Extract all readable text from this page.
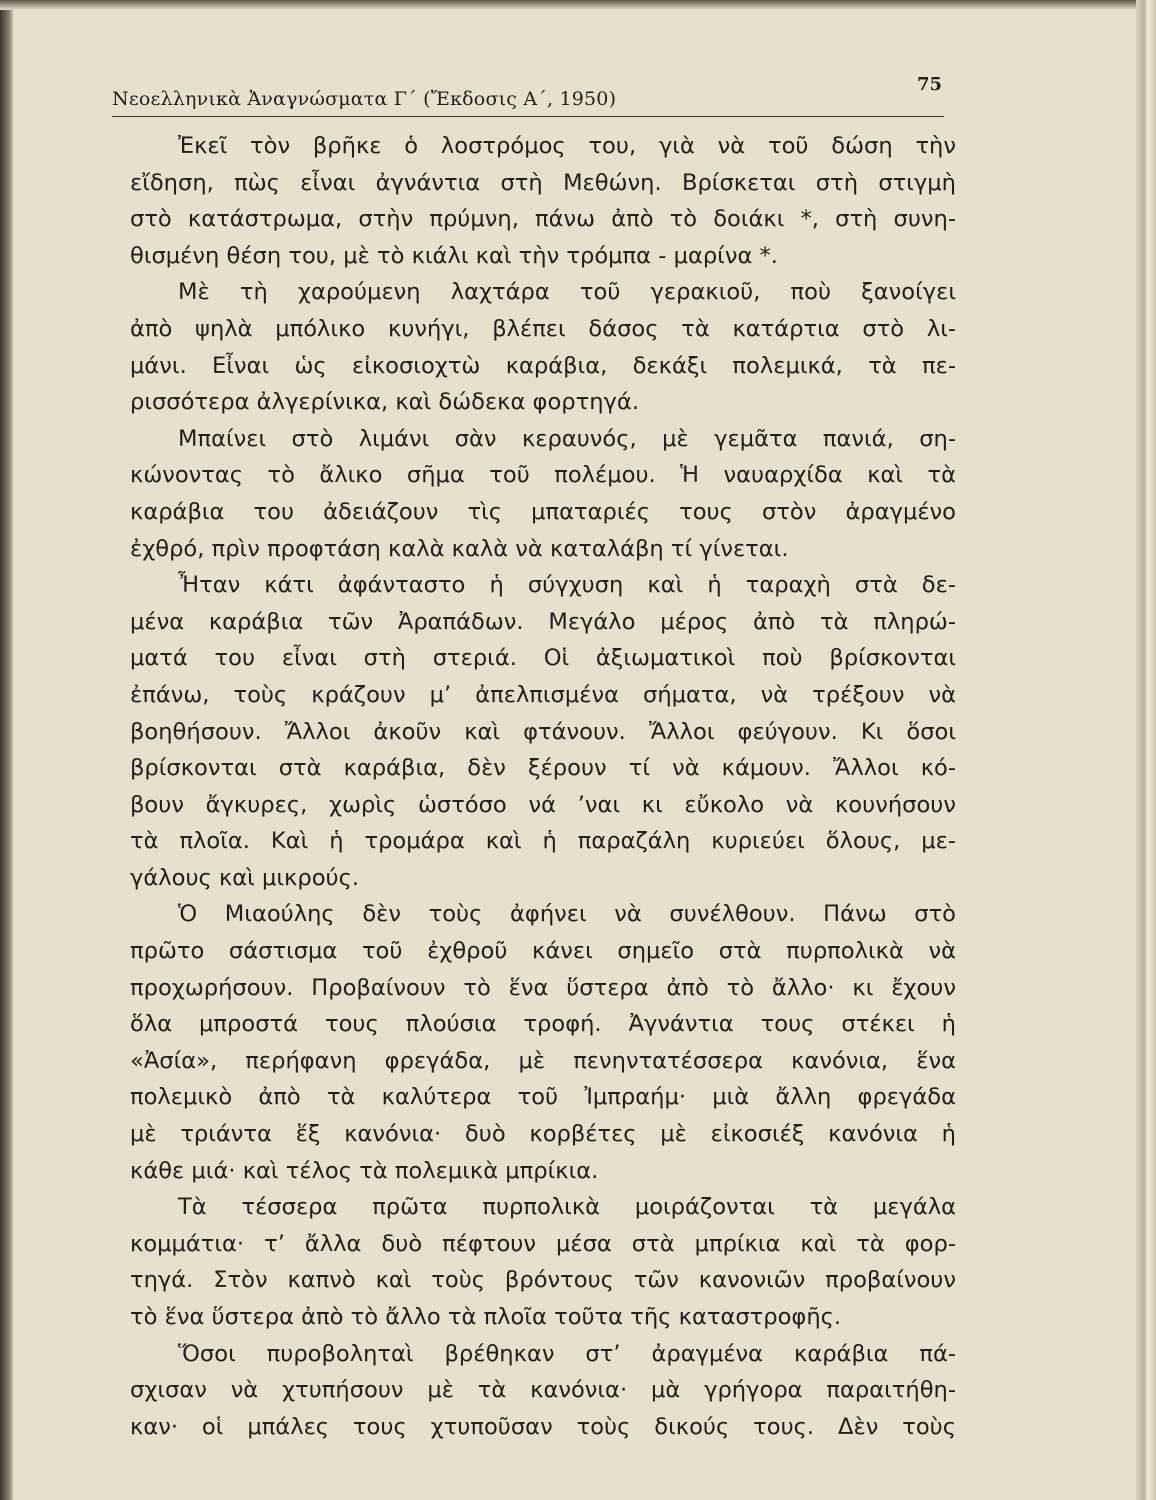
Νεοελληνικὰ Ἀναγνώσματα Γ΄ (Ἔκδοσις Α΄, 1950)
75
Ἐκεῖ τὸν βρῆκε ὁ λοστρόμος του, γιὰ νὰ τοῦ δώση τὴν
εἴδηση, πὼς εἶναι ἀγνάντια στὴ Μεθώνη. Βρίσκεται στὴ στιγμὴ
στὸ κατάστρωμα, στὴν πρύμνη, πάνω ἀπὸ τὸ δοιάκι *, στὴ συνη-
θισμένη θέση του, μὲ τὸ κιάλι καὶ τὴν τρόμπα - μαρίνα *.
Μὲ τὴ χαρούμενη λαχτάρα τοῦ γερακιοῦ, ποὺ ξανοίγει
ἀπὸ ψηλὰ μπόλικο κυνήγι, βλέπει δάσος τὰ κατάρτια στὸ λι-
μάνι. Εἶναι ὡς εἰκοσιοχτὼ καράβια, δεκάξι πολεμικά, τὰ πε-
ρισσότερα ἀλγερίνικα, καὶ δώδεκα φορτηγά.
Μπαίνει στὸ λιμάνι σὰν κεραυνός, μὲ γεμᾶτα πανιά, ση-
κώνοντας τὸ ἄλικο σῆμα τοῦ πολέμου. Ἡ ναυαρχίδα καὶ τὰ
καράβια του ἀδειάζουν τὶς μπαταριές τους στὸν ἀραγμένο
ἐχθρό, πρὶν προφτάση καλὰ καλὰ νὰ καταλάβη τί γίνεται.
Ἦταν κάτι ἀφάνταστο ἡ σύγχυση καὶ ἡ ταραχὴ στὰ δε-
μένα καράβια τῶν Ἀραπάδων. Μεγάλο μέρος ἀπὸ τὰ πληρώ-
ματά του εἶναι στὴ στεριά. Οἱ ἀξιωματικοὶ ποὺ βρίσκονται
ἐπάνω, τοὺς κράζουν μ’ ἀπελπισμένα σήματα, νὰ τρέξουν νὰ
βοηθήσουν. Ἄλλοι ἀκοῦν καὶ φτάνουν. Ἄλλοι φεύγουν. Κι ὅσοι
βρίσκονται στὰ καράβια, δὲν ξέρουν τί νὰ κάμουν. Ἄλλοι κό-
βουν ἄγκυρες, χωρὶς ὡστόσο νά ’ναι κι εὔκολο νὰ κουνήσουν
τὰ πλοῖα. Καὶ ἡ τρομάρα καὶ ἡ παραζάλη κυριεύει ὅλους, με-
γάλους καὶ μικρούς.
Ὁ Μιαούλης δὲν τοὺς ἀφήνει νὰ συνέλθουν. Πάνω στὸ
πρῶτο σάστισμα τοῦ ἐχθροῦ κάνει σημεῖο στὰ πυρπολικὰ νὰ
προχωρήσουν. Προβαίνουν τὸ ἕνα ὕστερα ἀπὸ τὸ ἄλλο· κι ἔχουν
ὅλα μπροστά τους πλούσια τροφή. Ἀγνάντια τους στέκει ἡ
«Ἀσία», περήφανη φρεγάδα, μὲ πενηντατέσσερα κανόνια, ἕνα
πολεμικὸ ἀπὸ τὰ καλύτερα τοῦ Ἰμπραήμ· μιὰ ἄλλη φρεγάδα
μὲ τριάντα ἕξ κανόνια· δυὸ κορβέτες μὲ εἰκοσιέξ κανόνια ἡ
κάθε μιά· καὶ τέλος τὰ πολεμικὰ μπρίκια.
Τὰ τέσσερα πρῶτα πυρπολικὰ μοιράζονται τὰ μεγάλα
κομμάτια· τ’ ἄλλα δυὸ πέφτουν μέσα στὰ μπρίκια καὶ τὰ φορ-
τηγά. Στὸν καπνὸ καὶ τοὺς βρόντους τῶν κανονιῶν προβαίνουν
τὸ ἕνα ὕστερα ἀπὸ τὸ ἄλλο τὰ πλοῖα τοῦτα τῆς καταστροφῆς.
Ὅσοι πυροβοληταὶ βρέθηκαν στ’ ἀραγμένα καράβια πά-
σχισαν νὰ χτυπήσουν μὲ τὰ κανόνια· μὰ γρήγορα παραιτήθη-
καν· οἱ μπάλες τους χτυποῦσαν τοὺς δικούς τους. Δὲν τοὺς
